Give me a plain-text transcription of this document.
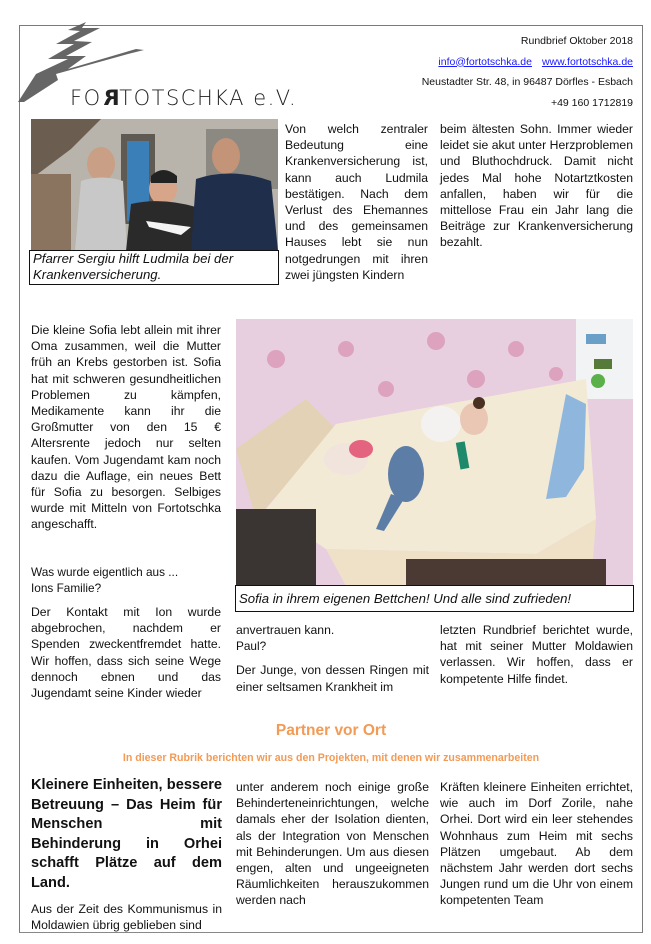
FORTOTSCHKA e.V.
Rundbrief Oktober 2018
info@fortotschka.de www.fortotschka.de
Neustadter Str. 48, in 96487 Dörfles - Esbach
+49 160 1712819
Pfarrer Sergiu hilft Ludmila bei der
Krankenversicherung.

Von welch zentraler Bedeutung eine Krankenversicherung ist, kann auch Ludmila bestätigen. Nach dem Verlust des Ehemannes und des gemeinsamen Hauses lebt sie nun notgedrungen mit ihren zwei jüngsten Kindern

beim ältesten Sohn. Immer wieder leidet sie akut unter Herzproblemen und Bluthochdruck. Damit nicht jedes Mal hohe Notartztkosten anfallen, haben wir für die mittellose Frau ein Jahr lang die Beiträge zur Krankenversicherung bezahlt.

Die kleine Sofia lebt allein mit ihrer Oma zusammen, weil die Mutter früh an Krebs gestorben ist. Sofia hat mit schweren gesundheitlichen Problemen zu kämpfen, Medikamente kann ihr die Großmutter von den 15 € Altersrente jedoch nur selten kaufen. Vom Jugendamt kam noch dazu die Auflage, ein neues Bett für Sofia zu besorgen. Selbiges wurde mit Mitteln von Fortotschka angeschafft.

Was wurde eigentlich aus ...

Ions Familie?

Der Kontakt mit Ion wurde abgebrochen, nachdem er Spenden zweckentfremdet hatte. Wir hoffen, dass sich seine Wege dennoch ebnen und das Jugendamt seine Kinder wieder

Sofia in ihrem eigenen Bettchen! Und alle sind zufrieden!

anvertrauen kann.

Paul?

Der Junge, von dessen Ringen mit einer seltsamen Krankheit im

letzten Rundbrief berichtet wurde, hat mit seiner Mutter Moldawien verlassen. Wir hoffen, dass er kompetente Hilfe findet.

Partner vor Ort
In dieser Rubrik berichten wir aus den Projekten, mit denen wir zusammenarbeiten

Kleinere Einheiten, bessere Betreuung – Das Heim für Menschen mit Behinderung in Orhei schafft Plätze auf dem Land.

Aus der Zeit des Kommunismus in Moldawien übrig geblieben sind

unter anderem noch einige große Behinderteneinrichtungen, welche damals eher der Isolation dienten, als der Integration von Menschen mit Behinderungen. Um aus diesen engen, alten und ungeeigneten Räumlichkeiten herauszukommen werden nach

Kräften kleinere Einheiten errichtet, wie auch im Dorf Zorile, nahe Orhei. Dort wird ein leer stehendes Wohnhaus zum Heim mit sechs Plätzen umgebaut. Ab dem nächstem Jahr werden dort sechs Jungen rund um die Uhr von einem kompetenten Team
